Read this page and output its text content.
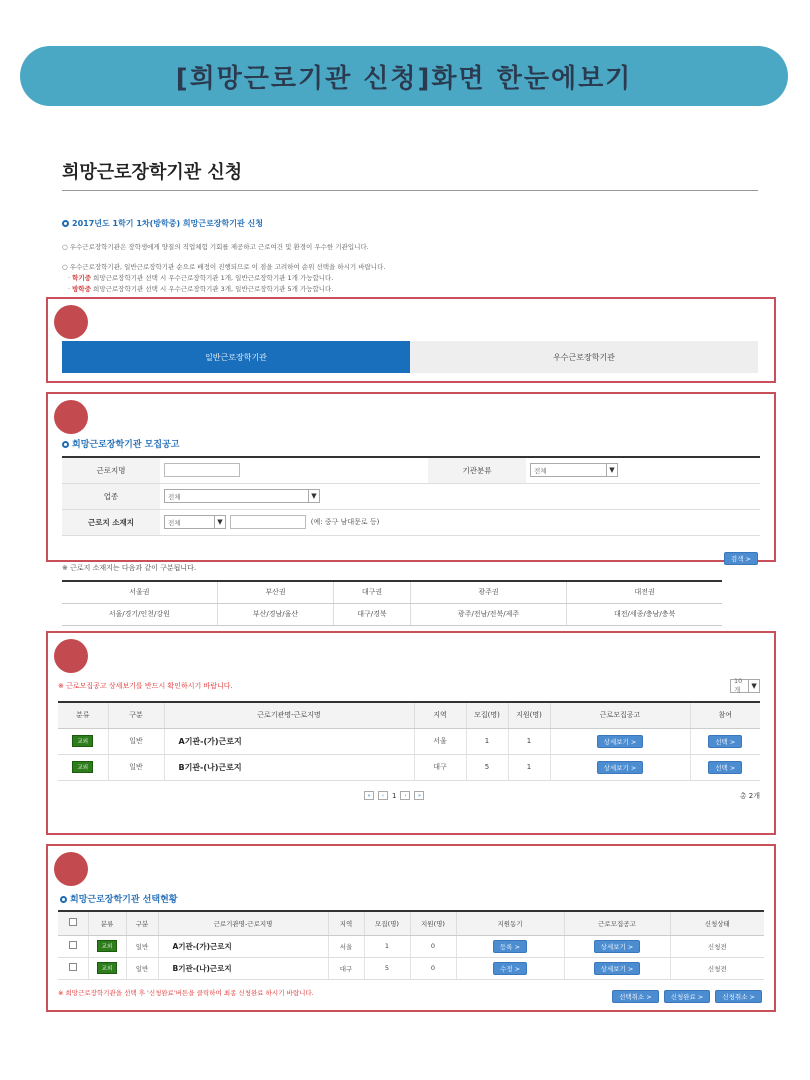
[희망근로기관 신청]화면 한눈에보기
희망근로장학기관 신청
2017년도 1학기 1차(방학중) 희망근로장학기관 신청
○ 우수근로장학기관은 장학생에게 양질의 직업체험 기회를 제공하고 근로여건 및 환경이 우수한 기관입니다.
○ 우수근로장학기관, 일반근로장학기관 순으로 배정이 진행되므로 이 점을 고려하여 순위 선택을 하시기 바랍니다.
· 학기중 희망근로장학기관 선택 시 우수근로장학기관 1개, 일반근로장학기관 1개 가능합니다.
· 방학중 희망근로장학기관 선택 시 우수근로장학기관 3개, 일반근로장학기관 5개 가능합니다.
일반근로장학기관	우수근로장학기관
희망근로장학기관 모집공고
근로지명		기관분류	전체 ▼

업종	전체 ▼		

근로지 소재지	전체 ▼ (예: 중구 남대문로 등)		
검색 >
※ 근로지 소재지는 다음과 같이 구분됩니다.
서울권	부산권	대구권	광주권	대전권
서울/경기/인천/강원	부산/경남/울산	대구/경북	광주/전남/전북/제주	대전/세종/충남/충북
※ 근로모집공고 상세보기를 반드시 확인하시기 바랍니다.
10개
▼
분류	구분	근로기관명-근로지명	지역	모집(명)	지원(명)	근로모집공고	참여
교외	일반	A기관-(가)근로지	서울	1	1	상세보기 >	선택 >
교외	일반	B기관-(나)근로지	대구	5	1	상세보기 >	선택 >
«	‹	1	›	»	총 2개
희망근로장학기관 선택현황
	분류	구분	근로기관명-근로지명	지역	모집(명)	지원(명)	지원동기	근로모집공고	신청상태
	교외	일반	A기관-(가)근로지	서울	1	0	등록 >	상세보기 >	신청전
	교외	일반	B기관-(나)근로지	대구	5	0	수정 >	상세보기 >	신청전
※ 희망근로장학기관을 선택 후 '신청완료'버튼을 클릭하여 최종 신청완료 하시기 바랍니다.	선택취소 >	신청완료 >	신청취소 >
